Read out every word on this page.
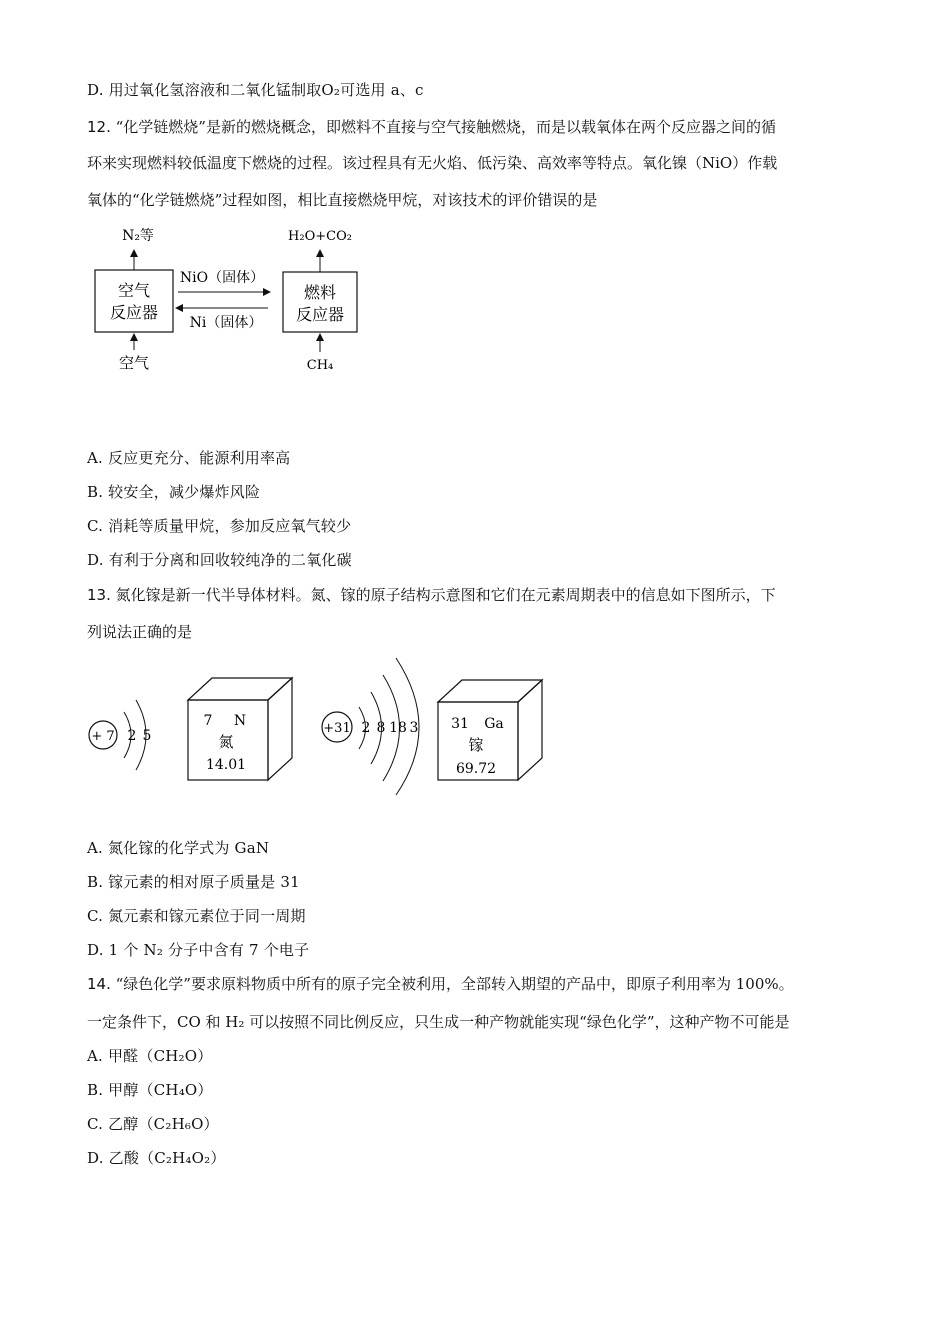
D. 用过氧化氢溶液和二氧化锰制取O₂可选用 a、c
12. “化学链燃烧”是新的燃烧概念，即燃料不直接与空气接触燃烧，而是以载氧体在两个反应器之间的循
环来实现燃料较低温度下燃烧的过程。该过程具有无火焰、低污染、高效率等特点。氧化镍（NiO）作载
氧体的“化学链燃烧”过程如图，相比直接燃烧甲烷，对该技术的评价错误的是
空气
反应器
燃料
反应器
N₂等
空气
H₂O+CO₂
CH₄
NiO（固体）
Ni（固体）
A. 反应更充分、能源利用率高
B. 较安全，减少爆炸风险
C. 消耗等质量甲烷，参加反应氧气较少
D. 有利于分离和回收较纯净的二氧化碳
13. 氮化镓是新一代半导体材料。氮、镓的原子结构示意图和它们在元素周期表中的信息如下图所示，下
列说法正确的是
+ 7 2 5
7 N
氮
14.01
+31 2 8 18 3 31 Ga
镓
69.72
A. 氮化镓的化学式为 GaN
B. 镓元素的相对原子质量是 31
C. 氮元素和镓元素位于同一周期
D. 1 个 N₂ 分子中含有 7 个电子
14. “绿色化学”要求原料物质中所有的原子完全被利用，全部转入期望的产品中，即原子利用率为 100%。
一定条件下，CO 和 H₂ 可以按照不同比例反应，只生成一种产物就能实现“绿色化学”，这种产物不可能是
A. 甲醛（CH₂O）
B. 甲醇（CH₄O）
C. 乙醇（C₂H₆O）
D. 乙酸（C₂H₄O₂）
